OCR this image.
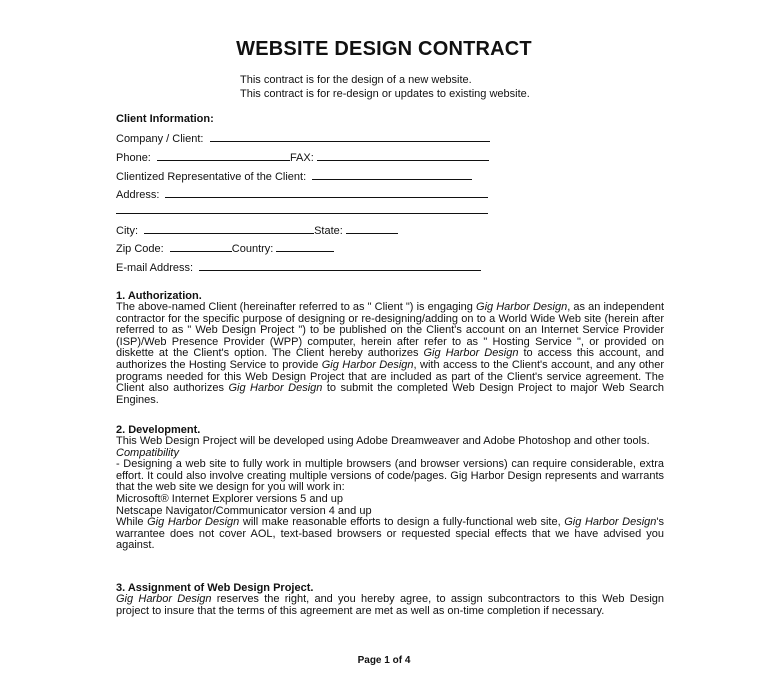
WEBSITE DESIGN CONTRACT
This contract is for the design of a new website.
This contract is for re-design or updates to existing website.
Client Information:
Company / Client:
Phone:	FAX:
Clientized Representative of the Client:
Address:
City:	State:
Zip Code:	Country:
E-mail Address:
1. Authorization.

The above-named Client (hereinafter referred to as " Client ") is engaging Gig Harbor Design, as an independent contractor for the specific purpose of designing or re-designing/adding on to a World Wide Web site (herein after referred to as " Web Design Project ") to be published on the Client's account on an Internet Service Provider (ISP)/Web Presence Provider (WPP) computer, herein after refer to as " Hosting Service ", or provided on diskette at the Client's option. The Client hereby authorizes Gig Harbor Design to access this account, and authorizes the Hosting Service to provide Gig Harbor Design, with access to the Client's account, and any other programs needed for this Web Design Project that are included as part of the Client's service agreement. The Client also authorizes Gig Harbor Design to submit the completed Web Design Project to major Web Search Engines.

2. Development.

This Web Design Project will be developed using Adobe Dreamweaver and Adobe Photoshop and other tools.

Compatibility

- Designing a web site to fully work in multiple browsers (and browser versions) can require considerable, extra effort. It could also involve creating multiple versions of code/pages. Gig Harbor Design represents and warrants that the web site we design for you will work in:

Microsoft® Internet Explorer versions 5 and up
Netscape Navigator/Communicator version 4 and up

While Gig Harbor Design will make reasonable efforts to design a fully-functional web site, Gig Harbor Design's warrantee does not cover AOL, text-based browsers or requested special effects that we have advised you against.

3. Assignment of Web Design Project.

Gig Harbor Design reserves the right, and you hereby agree, to assign subcontractors to this Web Design project to insure that the terms of this agreement are met as well as on-time completion if necessary.

Page 1 of 4
